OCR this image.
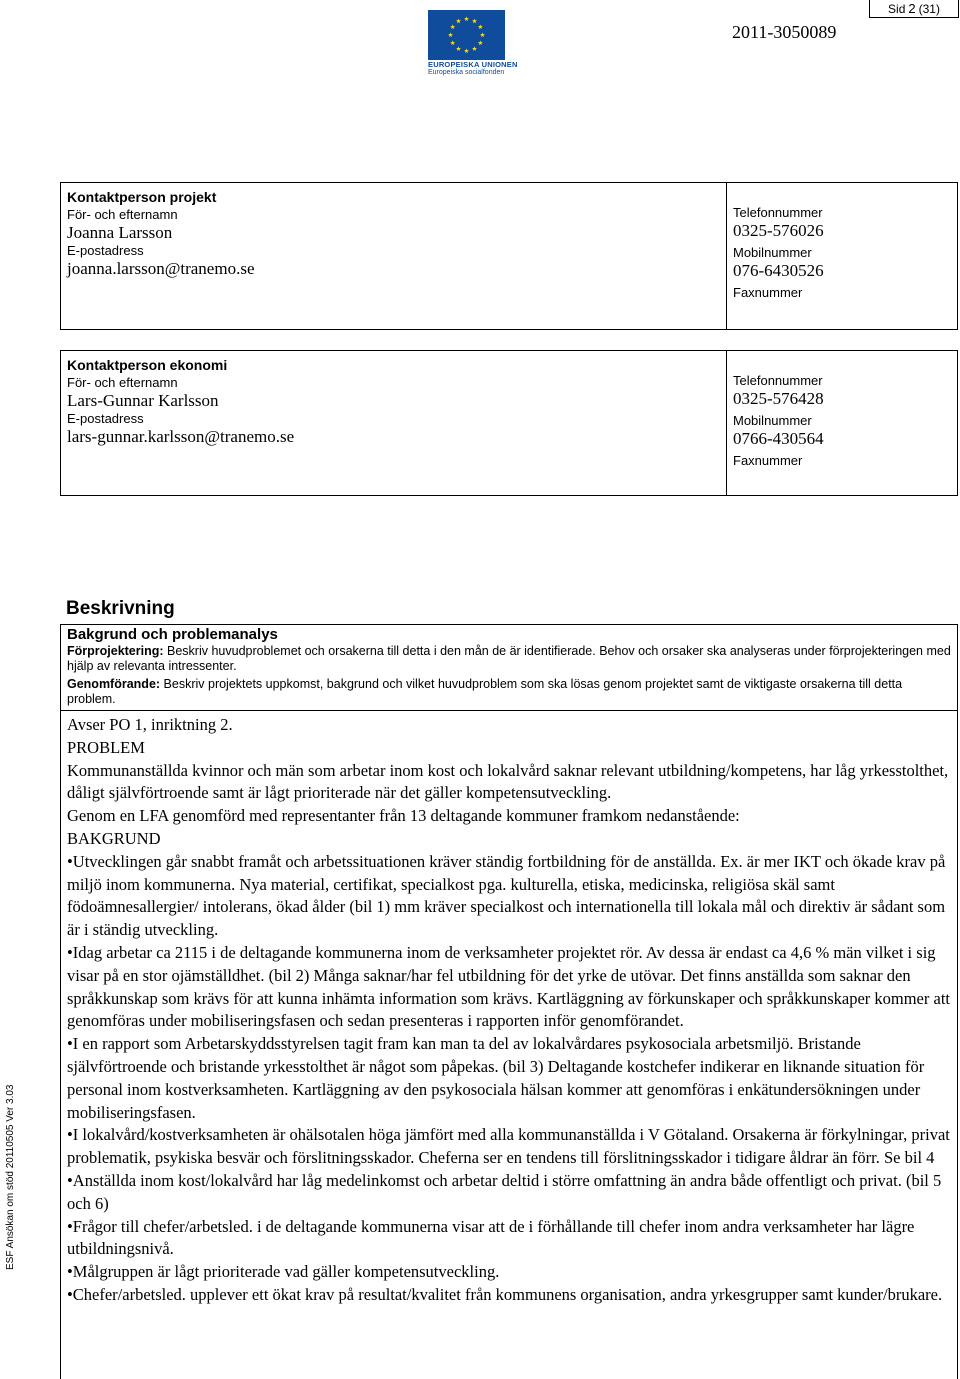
Sid 2 (31)
EUROPEISKA UNIONEN
Europeiska socialfonden
2011-3050089
Kontaktperson projekt
För- och efternamn
Joanna Larsson
E-postadress
joanna.larsson@tranemo.se
Telefonnummer
0325-576026
Mobilnummer
076-6430526
Faxnummer
Kontaktperson ekonomi
För- och efternamn
Lars-Gunnar Karlsson
E-postadress
lars-gunnar.karlsson@tranemo.se
Telefonnummer
0325-576428
Mobilnummer
0766-430564
Faxnummer
Beskrivning
Bakgrund och problemanalys
Förprojektering: Beskriv huvudproblemet och orsakerna till detta i den mån de är identifierade. Behov och orsaker ska analyseras under förprojekteringen med hjälp av relevanta intressenter.
Genomförande: Beskriv projektets uppkomst, bakgrund och vilket huvudproblem som ska lösas genom projektet samt de viktigaste orsakerna till detta problem.

Avser PO 1, inriktning 2.

PROBLEM

Kommunanställda kvinnor och män som arbetar inom kost och lokalvård saknar relevant utbildning/kompetens, har låg yrkesstolthet, dåligt självförtroende samt är lågt prioriterade när det gäller kompetensutveckling.

Genom en LFA genomförd med representanter från 13 deltagande kommuner framkom nedanstående:

BAKGRUND

•Utvecklingen går snabbt framåt och arbetssituationen kräver ständig fortbildning för de anställda. Ex. är mer IKT och ökade krav på miljö inom kommunerna. Nya material, certifikat, specialkost pga. kulturella, etiska, medicinska, religiösa skäl samt födoämnesallergier/ intolerans, ökad ålder (bil 1) mm kräver specialkost och internationella till lokala mål och direktiv är sådant som är i ständig utveckling.

•Idag arbetar ca 2115 i de deltagande kommunerna inom de verksamheter projektet rör. Av dessa är endast ca 4,6 % män vilket i sig visar på en stor ojämställdhet. (bil 2) Många saknar/har fel utbildning för det yrke de utövar. Det finns anställda som saknar den språkkunskap som krävs för att kunna inhämta information som krävs. Kartläggning av förkunskaper och språkkunskaper kommer att genomföras under mobiliseringsfasen och sedan presenteras i rapporten inför genomförandet.

•I en rapport som Arbetarskyddsstyrelsen tagit fram kan man ta del av lokalvårdares psykosociala arbetsmiljö. Bristande självförtroende och bristande yrkesstolthet är något som påpekas. (bil 3) Deltagande kostchefer indikerar en liknande situation för personal inom kostverksamheten. Kartläggning av den psykosociala hälsan kommer att genomföras i enkätundersökningen under mobiliseringsfasen.

•I lokalvård/kostverksamheten är ohälsotalen höga jämfört med alla kommunanställda i V Götaland. Orsakerna är förkylningar, privat problematik, psykiska besvär och förslitningsskador. Cheferna ser en tendens till förslitningsskador i tidigare åldrar än förr. Se bil 4

•Anställda inom kost/lokalvård har låg medelinkomst och arbetar deltid i större omfattning än andra både offentligt och privat. (bil 5 och 6)

•Frågor till chefer/arbetsled. i de deltagande kommunerna visar att de i förhållande till chefer inom andra verksamheter har lägre utbildningsnivå.

•Målgruppen är lågt prioriterade vad gäller kompetensutveckling.

•Chefer/arbetsled. upplever ett ökat krav på resultat/kvalitet från kommunens organisation, andra yrkesgrupper samt kunder/brukare.

ESF Ansökan om stöd 20110505 Ver 3.03
